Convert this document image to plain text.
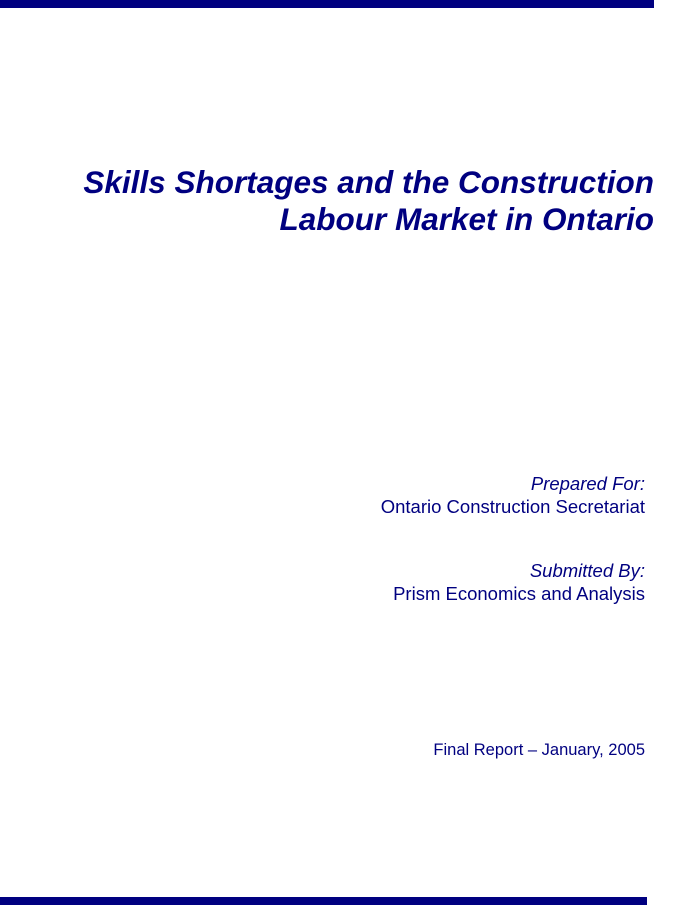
Skills Shortages and the Construction
Labour Market in Ontario
Prepared For:
Ontario Construction Secretariat
Submitted By:
Prism Economics and Analysis
Final Report – January, 2005
